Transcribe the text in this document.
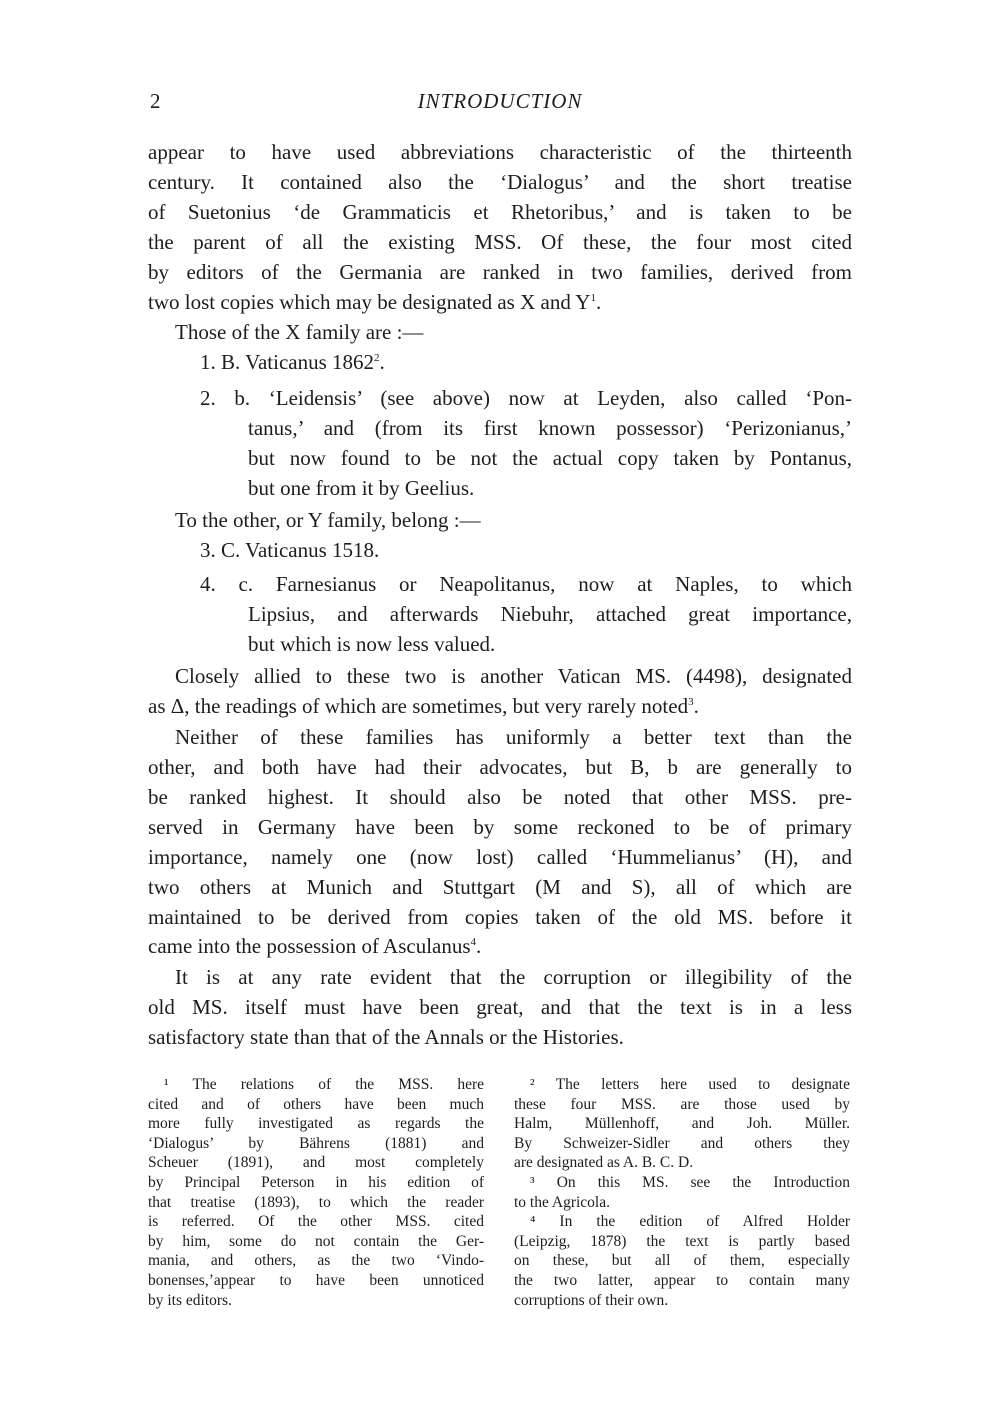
2	INTRODUCTION
appear to have used abbreviations characteristic of the thirteenth
century. It contained also the ‘Dialogus’ and the short treatise
of Suetonius ‘de Grammaticis et Rhetoribus,’ and is taken to be
the parent of all the existing MSS. Of these, the four most cited
by editors of the Germania are ranked in two families, derived from
two lost copies which may be designated as X and $Y^1$.
Those of the X family are :—
1. B. Vaticanus 1862$^2$.
2. b. ‘Leidensis’ (see above) now at Leyden, also called ‘Pon-
tanus,’ and (from its first known possessor) ‘Perizonianus,’
but now found to be not the actual copy taken by Pontanus,
but one from it by Geelius.
To the other, or Y family, belong :—
3. C. Vaticanus 1518.
4. c. Farnesianus or Neapolitanus, now at Naples, to which
Lipsius, and afterwards Niebuhr, attached great importance,
but which is now less valued.
Closely allied to these two is another Vatican MS. (4498), designated
as Δ, the readings of which are sometimes, but very rarely noted$^3$.
Neither of these families has uniformly a better text than the
other, and both have had their advocates, but B, b are generally to
be ranked highest. It should also be noted that other MSS. pre-
served in Germany have been by some reckoned to be of primary
importance, namely one (now lost) called ‘Hummelianus’ (H), and
two others at Munich and Stuttgart (M and S), all of which are
maintained to be derived from copies taken of the old MS. before it
came into the possession of Asculanus$^4$.
It is at any rate evident that the corruption or illegibility of the
old MS. itself must have been great, and that the text is in a less
satisfactory state than that of the Annals or the Histories.
¹ The relations of the MSS. here
cited and of others have been much
more fully investigated as regards the
‘Dialogus’ by Bährens (1881) and
Scheuer (1891), and most completely
by Principal Peterson in his edition of
that treatise (1893), to which the reader
is referred. Of the other MSS. cited
by him, some do not contain the Ger-
mania, and others, as the two ‘Vindo-
bonenses,’appear to have been unnoticed
by its editors.
² The letters here used to designate
these four MSS. are those used by
Halm, Müllenhoff, and Joh. Müller.
By Schweizer-Sidler and others they
are designated as A. B. C. D.
³ On this MS. see the Introduction
to the Agricola.
⁴ In the edition of Alfred Holder
(Leipzig, 1878) the text is partly based
on these, but all of them, especially
the two latter, appear to contain many
corruptions of their own.
